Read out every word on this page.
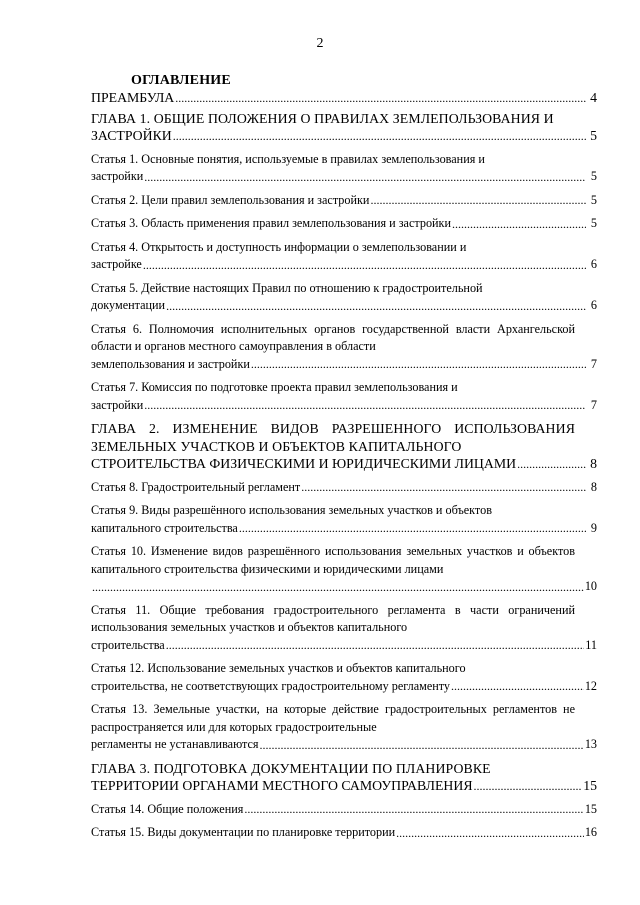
2
ОГЛАВЛЕНИЕ
ПРЕАМБУЛА .....	4
ГЛАВА 1. ОБЩИЕ ПОЛОЖЕНИЯ О ПРАВИЛАХ ЗЕМЛЕПОЛЬЗОВАНИЯ И
ЗАСТРОЙКИ .....	5
Статья 1. Основные понятия, используемые в правилах землепользования и
застройки .....	5
Статья 2. Цели правил землепользования и застройки .....	5
Статья 3. Область применения правил землепользования и застройки .....	5
Статья 4. Открытость и доступность информации о землепользовании и
застройке .....	6
Статья 5. Действие настоящих Правил по отношению к градостроительной
документации .....	6
Статья 6. Полномочия исполнительных органов государственной власти Архангельской области и органов местного самоуправления в области
землепользования и застройки .....	7
Статья 7. Комиссия по подготовке проекта правил землепользования и
застройки .....	7
ГЛАВА 2. ИЗМЕНЕНИЕ ВИДОВ РАЗРЕШЕННОГО ИСПОЛЬЗОВАНИЯ ЗЕМЕЛЬНЫХ УЧАСТКОВ И ОБЪЕКТОВ КАПИТАЛЬНОГО
СТРОИТЕЛЬСТВА ФИЗИЧЕСКИМИ И ЮРИДИЧЕСКИМИ ЛИЦАМИ .....	8
Статья 8. Градостроительный регламент .....	8
Статья 9. Виды разрешённого использования земельных участков и объектов
капитального строительства .....	9
Статья 10. Изменение видов разрешённого использования земельных участков и объектов капитального строительства физическими и юридическими лицами
.....
10
Статья 11. Общие требования градостроительного регламента в части ограничений использования земельных участков и объектов капитального
строительства .....	11
Статья 12. Использование земельных участков и объектов капитального
строительства, не соответствующих градостроительному регламенту .....	12
Статья 13. Земельные участки, на которые действие градостроительных регламентов не распространяется или для которых градостроительные
регламенты не устанавливаются .....	13
ГЛАВА 3. ПОДГОТОВКА ДОКУМЕНТАЦИИ ПО ПЛАНИРОВКЕ
ТЕРРИТОРИИ ОРГАНАМИ МЕСТНОГО САМОУПРАВЛЕНИЯ .....	15
Статья 14. Общие положения .....	15
Статья 15. Виды документации по планировке территории .....	16
